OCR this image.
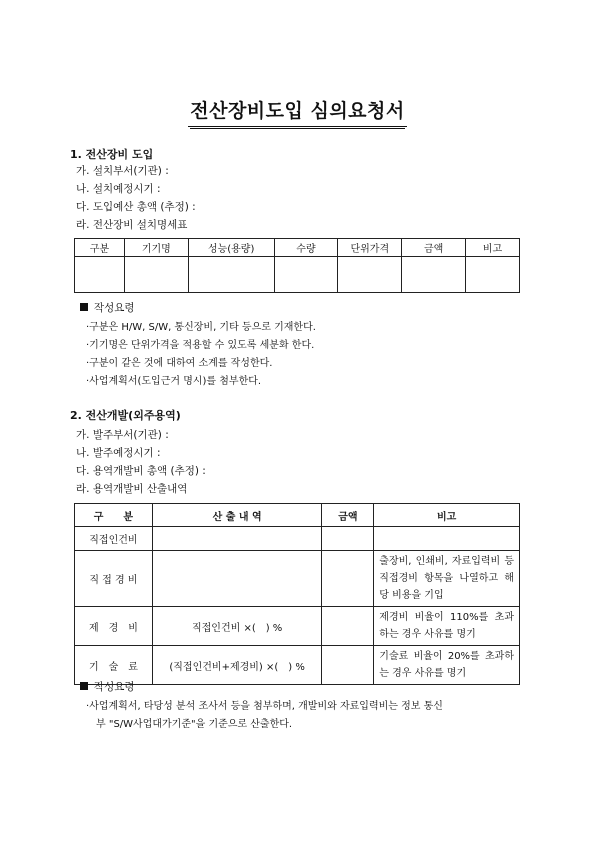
전산장비도입 심의요청서
1. 전산장비 도입
가. 설치부서(기관) :
나. 설치예정시기 :
다. 도입예산 총액 (추정) :
라. 전산장비 설치명세표
구분	기기명	성능(용량)	수량	단위가격	금액	비고

작성요령
·구분은 H/W, S/W, 통신장비, 기타 등으로 기재한다.
·기기명은 단위가격을 적용할 수 있도록 세분화 한다.
·구분이 같은 것에 대하여 소계를 작성한다.
·사업계획서(도입근거 명시)를 첨부한다.
2. 전산개발(외주용역)
가. 발주부서(기관) :
나. 발주예정시기 :
다. 용역개발비 총액 (추정) :
라. 용역개발비 산출내역
구　　분	산 출 내 역	금액	비고
직접인건비			
직 접 경 비			출장비, 인쇄비, 자료입력비 등 직접경비 항목을 나열하고 해당 비용을 기입
제　경　비	직접인건비 ×(　) %		제경비 비율이 110%를 초과하는 경우 사유를 명기
기　술　료	(직접인건비+제경비) ×(　) %		기술료 비율이 20%를 초과하는 경우 사유를 명기
작성요령
·사업계획서, 타당성 분석 조사서 등을 첨부하며, 개발비와 자료입력비는 정보 통신
부 "S/W사업대가기준"을 기준으로 산출한다.
